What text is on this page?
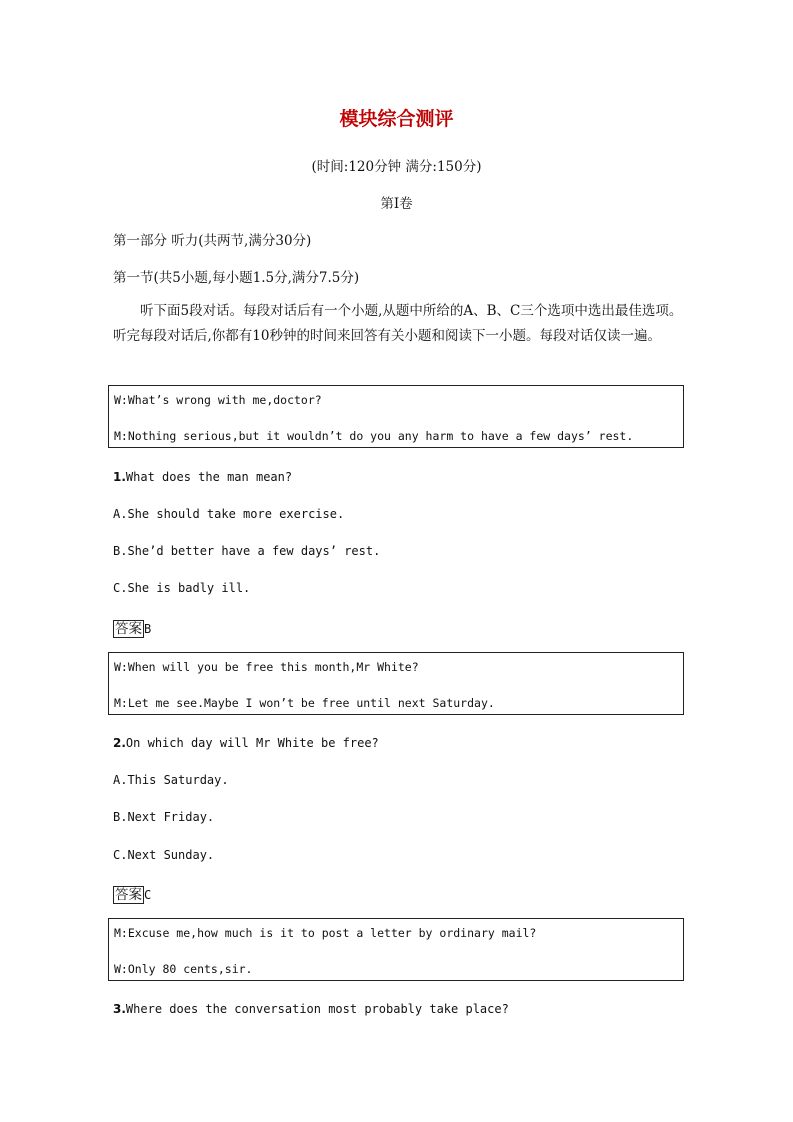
模块综合测评
(时间:120分钟 满分:150分)
第Ⅰ卷
第一部分 听力(共两节,满分30分)
第一节(共5小题,每小题1.5分,满分7.5分)
听下面5段对话。每段对话后有一个小题,从题中所给的A、B、C三个选项中选出最佳选项。听完每段对话后,你都有10秒钟的时间来回答有关小题和阅读下一小题。每段对话仅读一遍。
W:What’s wrong with me,doctor?
M:Nothing serious,but it wouldn’t do you any harm to have a few days’ rest.
1.What does the man mean?
A.She should take more exercise.
B.She’d better have a few days’ rest.
C.She is badly ill.
答案 B
W:When will you be free this month,Mr White?
M:Let me see.Maybe I won’t be free until next Saturday.
2.On which day will Mr White be free?
A.This Saturday.
B.Next Friday.
C.Next Sunday.
答案 C
M:Excuse me,how much is it to post a letter by ordinary mail?
W:Only 80 cents,sir.
3.Where does the conversation most probably take place?
